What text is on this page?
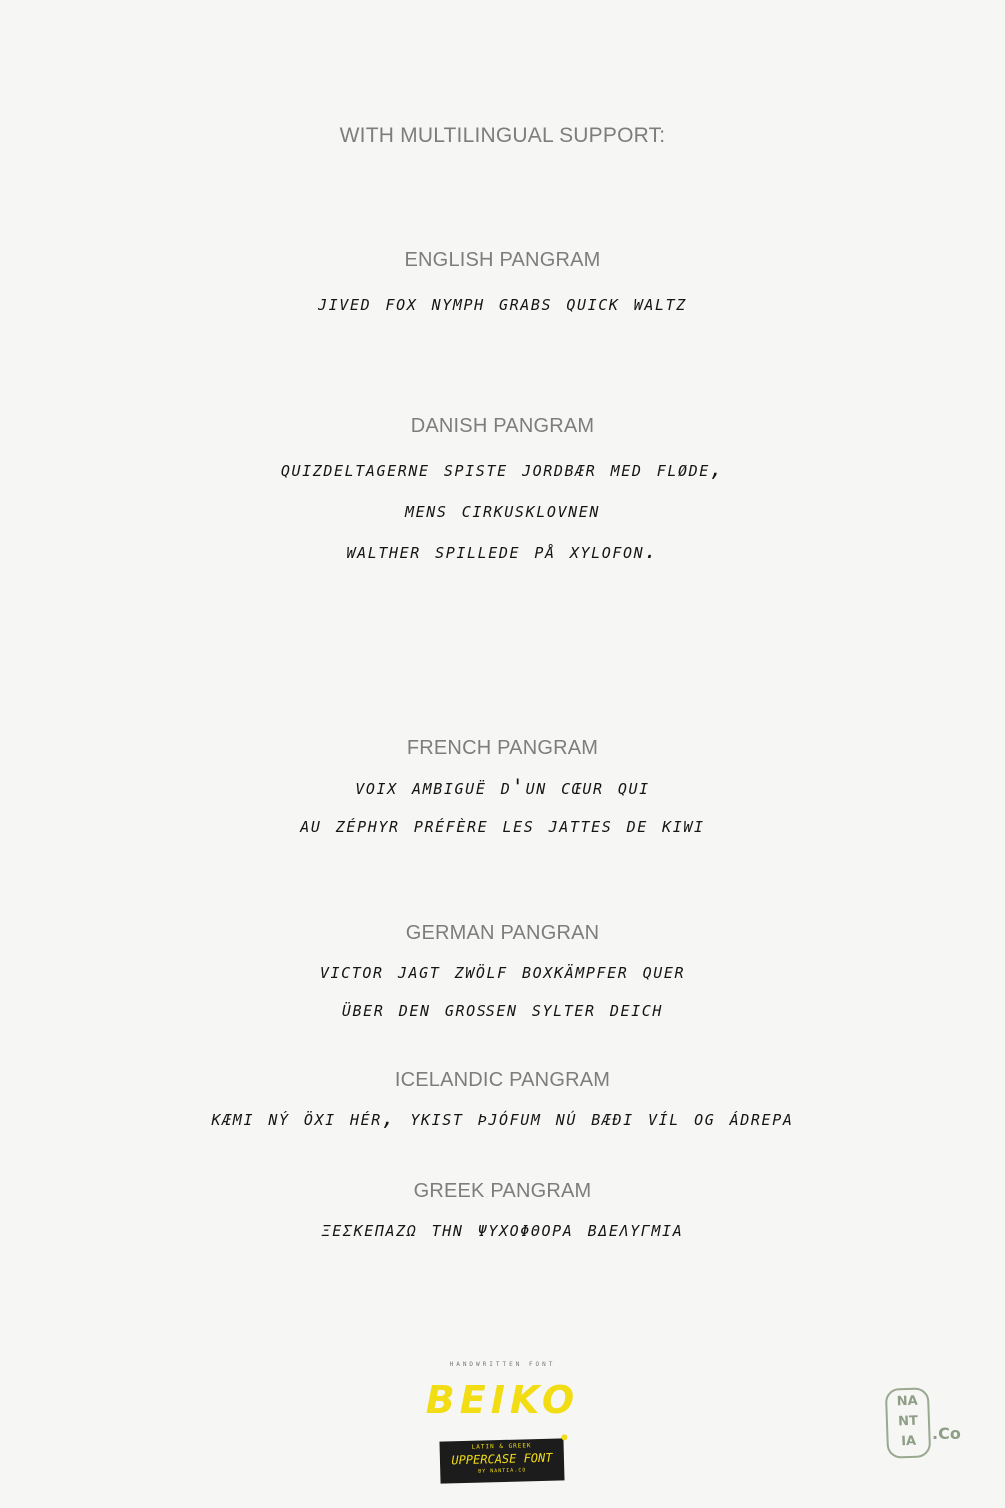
WITH MULTILINGUAL SUPPORT:
ENGLISH PANGRAM
jived fox nymph grabs quick waltz
DANISH PANGRAM
quizdeltagerne spiste jordbær med fløde,
mens cirkusklovnen
walther spillede på xylofon.
FRENCH PANGRAM
voix ambiguë d'un cœur qui
au zéphyr préfère les jattes de kiwi
GERMAN PANGRAN
victor jagt zwölf boxkämpfer quer
über den großen sylter deich
ICELANDIC PANGRAM
kæmi ný öxi hér, ykist þjófum nú bæði víl og ádrepa
GREEK PANGRAM
ξεσκεπαζω την ψυχοφθορα βδελυγμια
HANDWRITTEN FONT
BEIKO
LATIN & GREEK
UPPERCASE FONT
BY NANTIA.CO
NA
NT
IA .Co
